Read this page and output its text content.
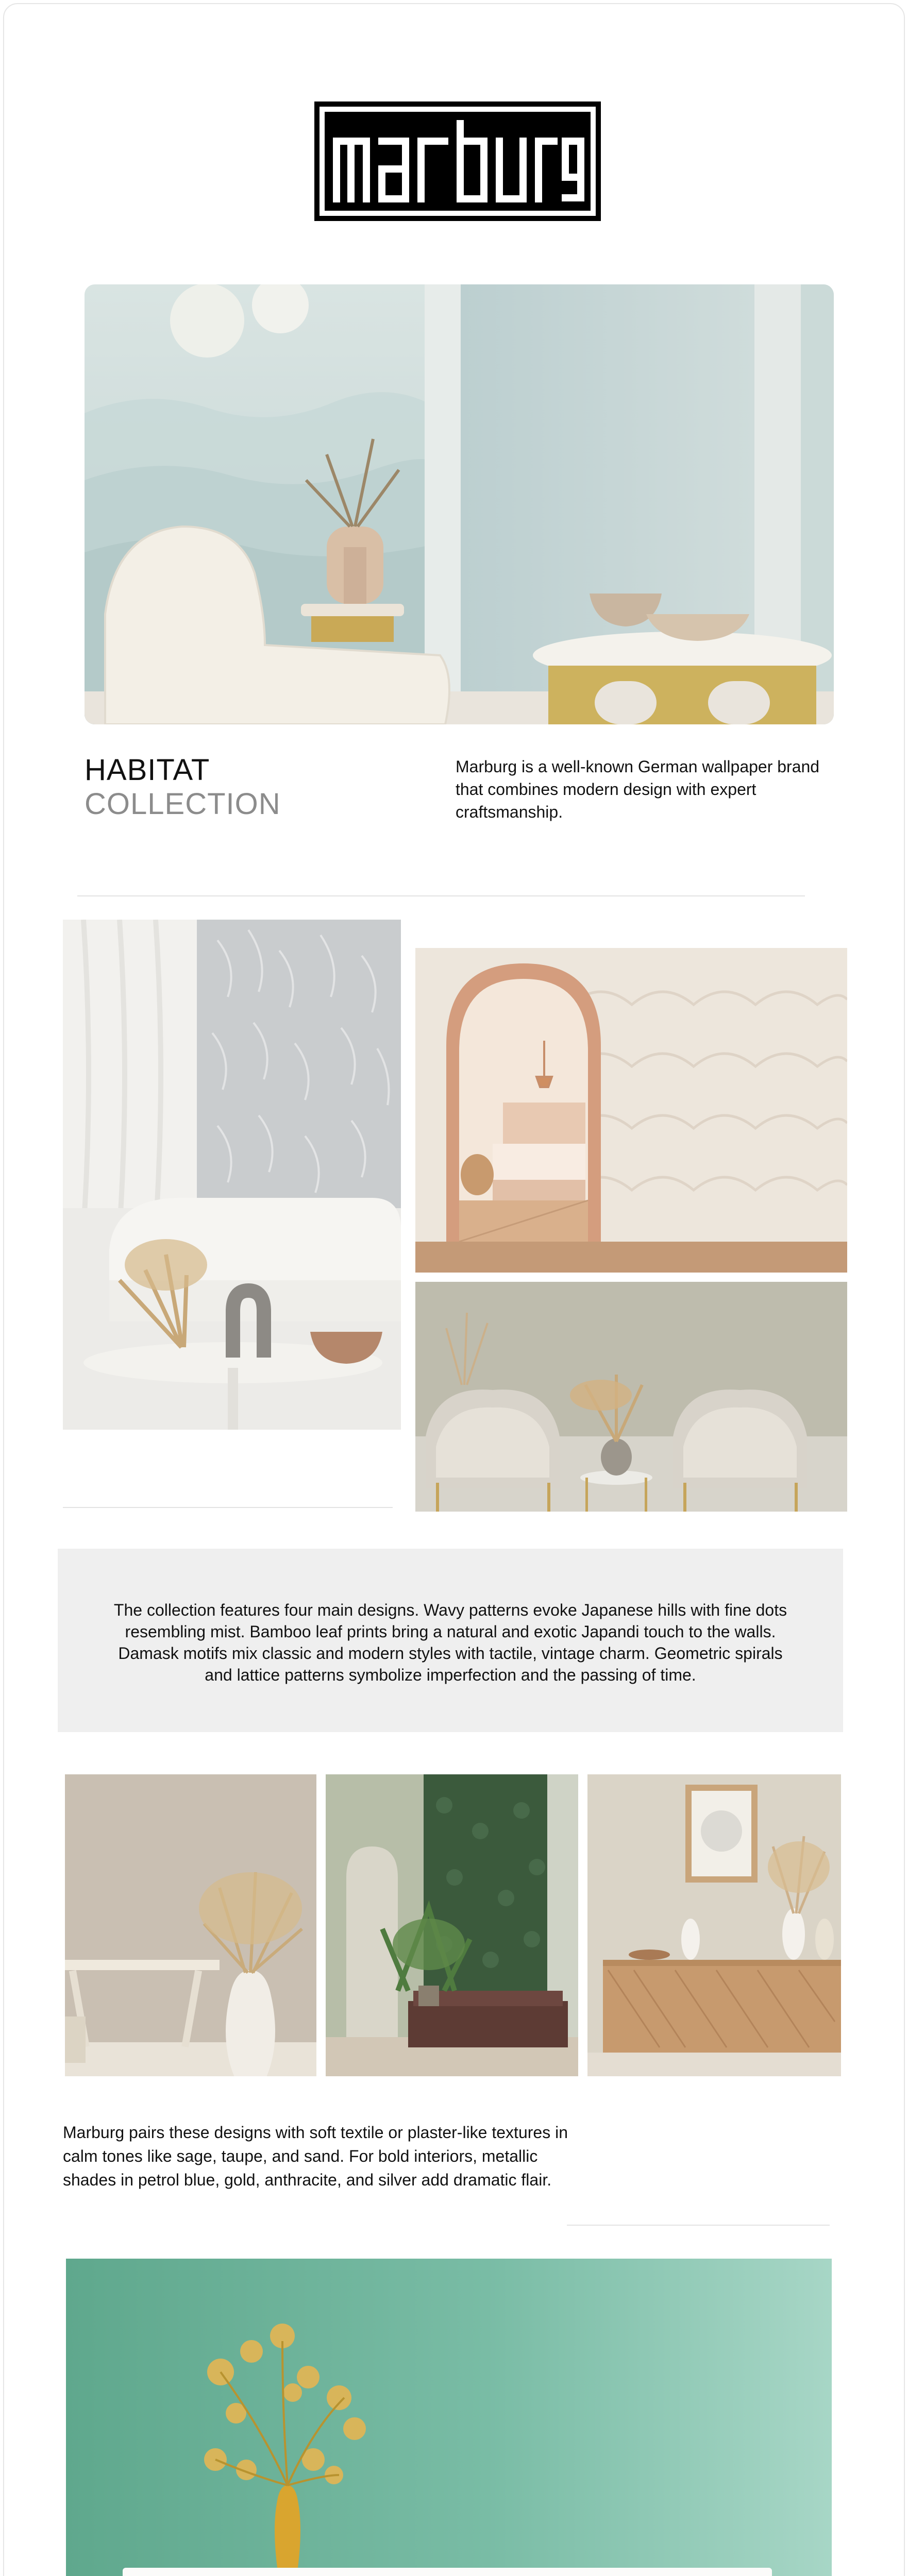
HABITAT
COLLECTION
Marburg is a well-known German wallpaper brand that combines modern design with expert craftsmanship.
The collection features four main designs. Wavy patterns evoke Japanese hills with fine dots resembling mist. Bamboo leaf prints bring a natural and exotic Japandi touch to the walls. Damask motifs mix classic and modern styles with tactile, vintage charm. Geometric spirals and lattice patterns symbolize imperfection and the passing of time.
Marburg pairs these designs with soft textile or plaster-like textures in calm tones like sage, taupe, and sand. For bold interiors, metallic shades in petrol blue, gold, anthracite, and silver add dramatic flair.
